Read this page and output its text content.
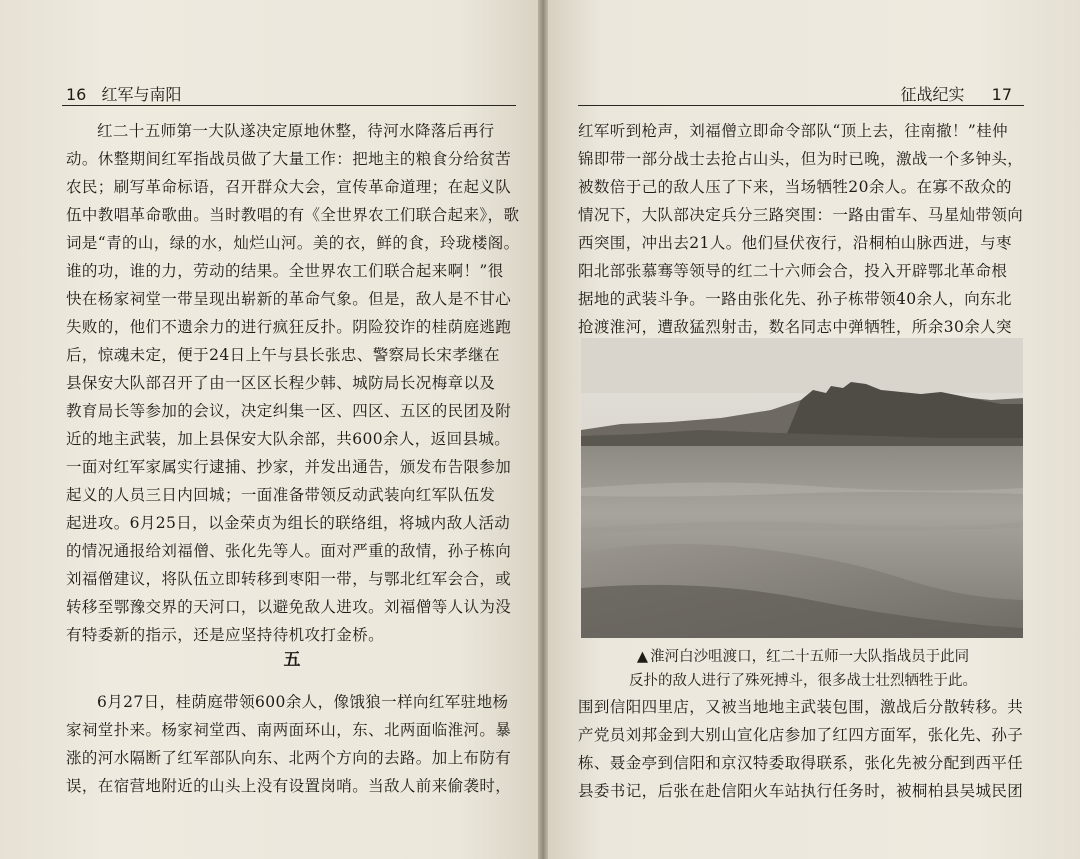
16 红军与南阳
红二十五师第一大队遂决定原地休整，待河水降落后再行
动。休整期间红军指战员做了大量工作：把地主的粮食分给贫苦
农民；刷写革命标语，召开群众大会，宣传革命道理；在起义队
伍中教唱革命歌曲。当时教唱的有《全世界农工们联合起来》，歌
词是“青的山，绿的水，灿烂山河。美的衣，鲜的食，玲珑楼阁。
谁的功，谁的力，劳动的结果。全世界农工们联合起来啊！”很
快在杨家祠堂一带呈现出崭新的革命气象。但是，敌人是不甘心
失败的，他们不遗余力的进行疯狂反扑。阴险狡诈的桂荫庭逃跑
后，惊魂未定，便于24日上午与县长张忠、警察局长宋孝继在
县保安大队部召开了由一区区长程少韩、城防局长况梅章以及
教育局长等参加的会议，决定纠集一区、四区、五区的民团及附
近的地主武装，加上县保安大队余部，共600余人，返回县城。
一面对红军家属实行逮捕、抄家，并发出通告，颁发布告限参加
起义的人员三日内回城；一面准备带领反动武装向红军队伍发
起进攻。6月25日，以金荣贞为组长的联络组，将城内敌人活动
的情况通报给刘福僧、张化先等人。面对严重的敌情，孙子栋向
刘福僧建议，将队伍立即转移到枣阳一带，与鄂北红军会合，或
转移至鄂豫交界的天河口，以避免敌人进攻。刘福僧等人认为没
有特委新的指示，还是应坚持待机攻打金桥。
五
6月27日，桂荫庭带领600余人，像饿狼一样向红军驻地杨
家祠堂扑来。杨家祠堂西、南两面环山，东、北两面临淮河。暴
涨的河水隔断了红军部队向东、北两个方向的去路。加上布防有
误，在宿营地附近的山头上没有设置岗哨。当敌人前来偷袭时，
征战纪实 17
红军听到枪声，刘福僧立即命令部队“顶上去，往南撤！”桂仲
锦即带一部分战士去抢占山头，但为时已晚，激战一个多钟头，
被数倍于己的敌人压了下来，当场牺牲20余人。在寡不敌众的
情况下，大队部决定兵分三路突围：一路由雷车、马星灿带领向
西突围，冲出去21人。他们昼伏夜行，沿桐柏山脉西进，与枣
阳北部张慕骞等领导的红二十六师会合，投入开辟鄂北革命根
据地的武装斗争。一路由张化先、孙子栋带领40余人，向东北
抢渡淮河，遭敌猛烈射击，数名同志中弹牺牲，所余30余人突
▲ 淮河白沙咀渡口，红二十五师一大队指战员于此同
反扑的敌人进行了殊死搏斗，很多战士壮烈牺牲于此。
围到信阳四里店，又被当地地主武装包围，激战后分散转移。共
产党员刘邦金到大别山宣化店参加了红四方面军，张化先、孙子
栋、聂金亭到信阳和京汉特委取得联系，张化先被分配到西平任
县委书记，后张在赴信阳火车站执行任务时，被桐柏县吴城民团
